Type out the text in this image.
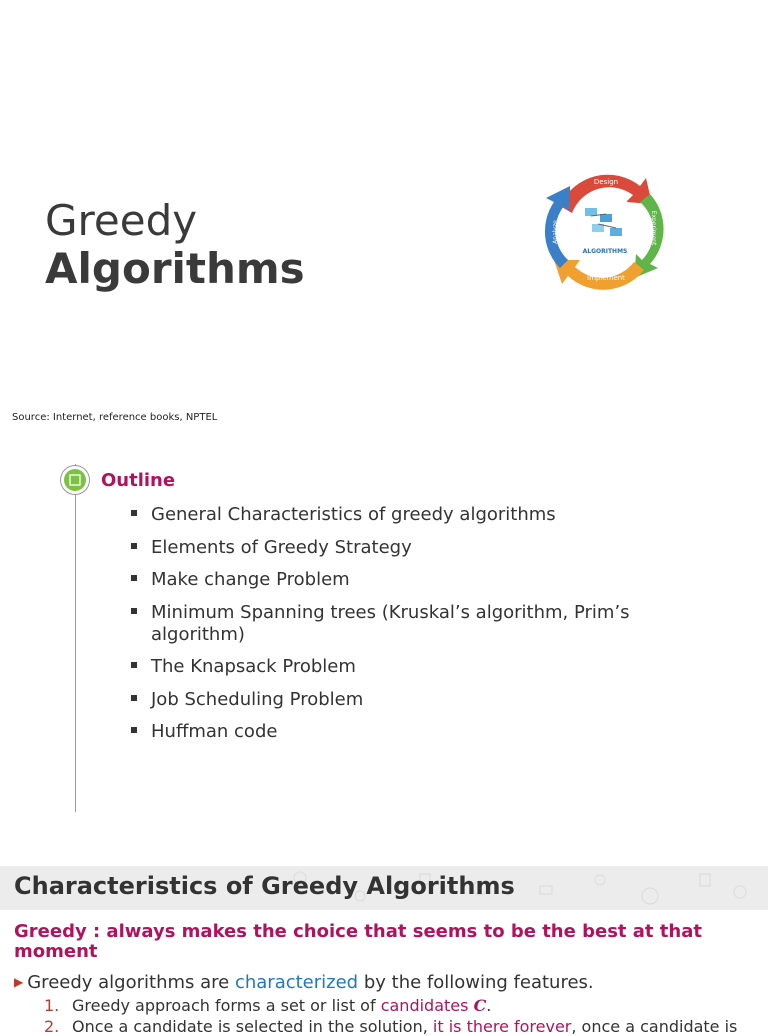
Greedy
Algorithms	ALGORITHMS
Design
Experiment
Implement
Analyze
Source: Internet, reference books, NPTEL
Outline
General Characteristics of greedy algorithms
Elements of Greedy Strategy
Make change Problem
Minimum Spanning trees (Kruskal’s algorithm, Prim’s algorithm)
The Knapsack Problem
Job Scheduling Problem
Huffman code
Characteristics of Greedy Algorithms
Greedy : always makes the choice that seems to be the best at that moment
▶ Greedy algorithms are characterized by the following features.
1. Greedy approach forms a set or list of candidates C.
2. Once a candidate is selected in the solution, it is there forever, once a candidate is
